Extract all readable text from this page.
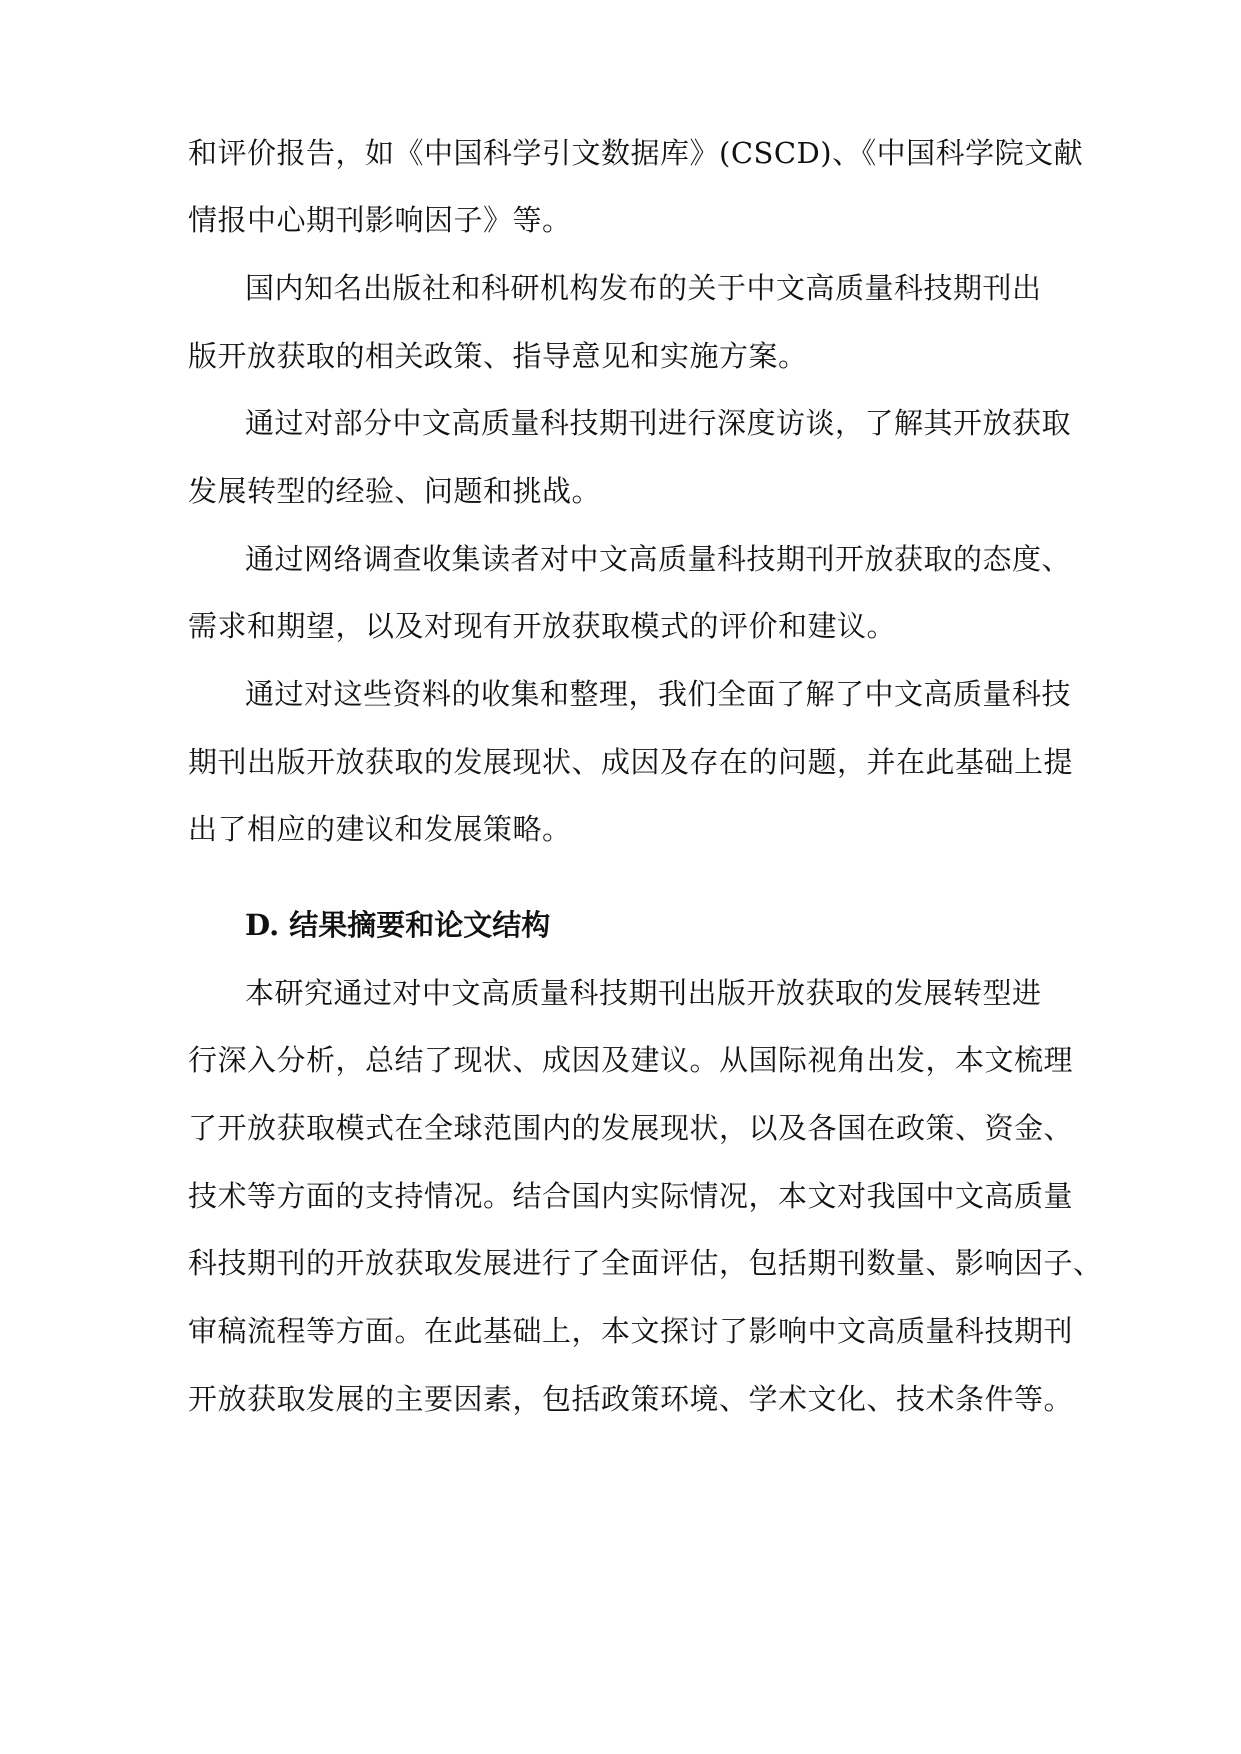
和评价报告，如《中国科学引文数据库》(CSCD)、《中国科学院文献
情报中心期刊影响因子》等。
国内知名出版社和科研机构发布的关于中文高质量科技期刊出
版开放获取的相关政策、指导意见和实施方案。
通过对部分中文高质量科技期刊进行深度访谈，了解其开放获取
发展转型的经验、问题和挑战。
通过网络调查收集读者对中文高质量科技期刊开放获取的态度、
需求和期望，以及对现有开放获取模式的评价和建议。
通过对这些资料的收集和整理，我们全面了解了中文高质量科技
期刊出版开放获取的发展现状、成因及存在的问题，并在此基础上提
出了相应的建议和发展策略。
D. 结果摘要和论文结构
本研究通过对中文高质量科技期刊出版开放获取的发展转型进
行深入分析，总结了现状、成因及建议。从国际视角出发，本文梳理
了开放获取模式在全球范围内的发展现状，以及各国在政策、资金、
技术等方面的支持情况。结合国内实际情况，本文对我国中文高质量
科技期刊的开放获取发展进行了全面评估，包括期刊数量、影响因子、
审稿流程等方面。在此基础上，本文探讨了影响中文高质量科技期刊
开放获取发展的主要因素，包括政策环境、学术文化、技术条件等。
